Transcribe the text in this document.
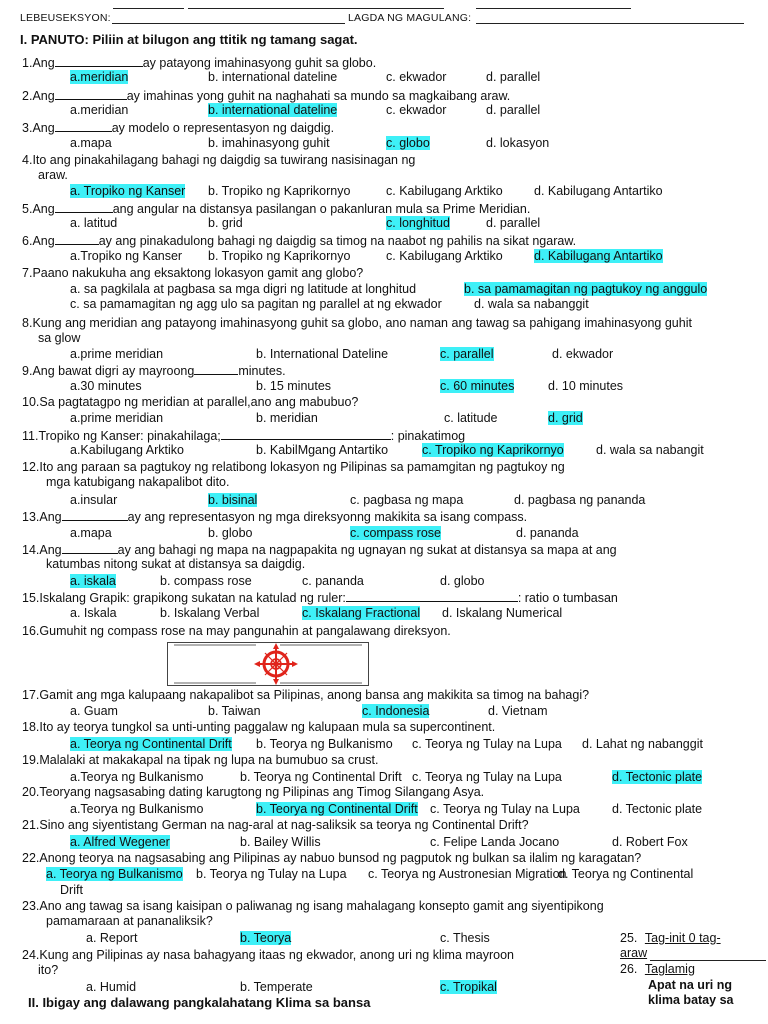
LEBEUSEKSYON:	LAGDA NG MAGULANG:
I. PANUTO: Piliin at bilugon ang ttitik ng tamang sagat.
1.Ang	ay patayong imahinasyong guhit sa globo.
a.meridian	b. international dateline	c. ekwador	d. parallel
2.Ang	ay imahinas yong guhit na naghahati sa mundo sa magkaibang araw.
a.meridian	b. international dateline	c. ekwador	d. parallel
3.Ang	ay modelo o representasyon ng daigdig.
a.mapa	b. imahinasyong guhit	c. globo	d. lokasyon
4.Ito ang pinakahilagang bahagi ng daigdig sa tuwirang nasisinagan ng
araw.
a. Tropiko ng Kanser b. Tropiko ng Kaprikornyo	c. Kabilugang Arktiko	d. Kabilugang Antartiko
5.Ang	ang angular na distansya pasilangan o pakanluran mula sa Prime Meridian.
a. latitud	b. grid	c. longhitud	d. parallel
6.Ang	ay ang pinakadulong bahagi ng daigdig sa timog na naabot ng pahilis na sikat ngaraw.
a.Tropiko ng Kanser b. Tropiko ng Kaprikornyo	c. Kabilugang Arktiko	d. Kabilugang Antartiko
7.Paano nakukuha ang eksaktong lokasyon gamit ang globo?
a. sa pagkilala at pagbasa sa mga digri ng latitude at longhitud	b. sa pamamagitan ng pagtukoy ng anggulo
c. sa pamamagitan ng agg ulo sa pagitan ng parallel at ng ekwador	d. wala sa nabanggit
8.Kung ang meridian ang patayong imahinasyong guhit sa globo, ano naman ang tawag sa pahigang imahinasyong guhit
sa glow
a.prime meridian	b. International Dateline	c. parallel	d. ekwador
9.Ang bawat digri ay mayroong	minutes.
a.30 minutes	b. 15 minutes	c. 60 minutes	d. 10 minutes
10.Sa pagtatagpo ng meridian at parallel,ano ang mabubuo?
a.prime meridian	b. meridian	c. latitude	d. grid
11.Tropiko ng Kanser: pinakahilaga;	: pinakatimog
a.Kabilugang Arktiko	b. KabilMgang Antartiko	c. Tropiko ng Kaprikornyo	d. wala sa nabangit
12.Ito ang paraan sa pagtukoy ng relatibong lokasyon ng Pilipinas sa pamamgitan ng pagtukoy ng
mga katubigang nakapalibot dito.
a.insular	b. bisinal	c. pagbasa ng mapa	d. pagbasa ng pananda
13.Ang	ay ang representasyon ng mga direksyonng makikita sa isang compass.
a.mapa	b. globo	c. compass rose	d. pananda
14.Ang	ay ang bahagi ng mapa na nagpapakita ng ugnayan ng sukat at distansya sa mapa at ang
katumbas nitong sukat at distansya sa daigdig.
a. iskala	b. compass rose	c. pananda	d. globo
15.Iskalang Grapik: grapikong sukatan na katulad ng ruler:	: ratio o tumbasan
a. Iskala	b. Iskalang Verbal	c. Iskalang Fractional d. Iskalang Numerical
16.Gumuhit ng compass rose na may pangunahin at pangalawang direksyon.
17.Gamit ang mga kalupaang nakapalibot sa Pilipinas, anong bansa ang makikita sa timog na bahagi?
a. Guam	b. Taiwan	c. Indonesia	d. Vietnam
18.Ito ay teorya tungkol sa unti-unting paggalaw ng kalupaan mula sa supercontinent.
a. Teorya ng Continental Drift b. Teorya ng Bulkanismo c. Teorya ng Tulay na Lupa d. Lahat ng nabanggit
19.Malalaki at makakapal na tipak ng lupa na bumubuo sa crust.
a.Teorya ng Bulkanismo	b. Teorya ng Continental Drift c. Teorya ng Tulay na Lupa	d. Tectonic plate
20.Teoryang nagsasabing dating karugtong ng Pilipinas ang Timog Silangang Asya.
a.Teorya ng Bulkanismo	b. Teorya ng Continental Drift c. Teorya ng Tulay na Lupa	d. Tectonic plate
21.Sino ang siyentistang German na nag-aral at nag-saliksik sa teorya ng Continental Drift?
a. Alfred Wegener	b. Bailey Willis	c. Felipe Landa Jocano	d. Robert Fox
22.Anong teorya na nagsasabing ang Pilipinas ay nabuo bunsod ng pagputok ng bulkan sa ilalim ng karagatan?
a. Teorya ng Bulkanismo b. Teorya ng Tulay na Lupa c. Teorya ng Austronesian Migration
d. Teorya ng Continental
Drift
23.Ano ang tawag sa isang kaisipan o paliwanag ng isang mahalagang konsepto gamit ang siyentipikong
pamamaraan at pananaliksik?
a. Report	b. Teorya	c. Thesis
24.Kung ang Pilipinas ay nasa bahagyang itaas ng ekwador, anong uri ng klima mayroon
ito?
a. Humid	b. Temperate	c. Tropikal
25. Tag-init 0 tag-
araw
26. Taglamig
Apat na uri ng
klima batay sa
II. Ibigay ang dalawang pangkalahatang Klima sa bansa
